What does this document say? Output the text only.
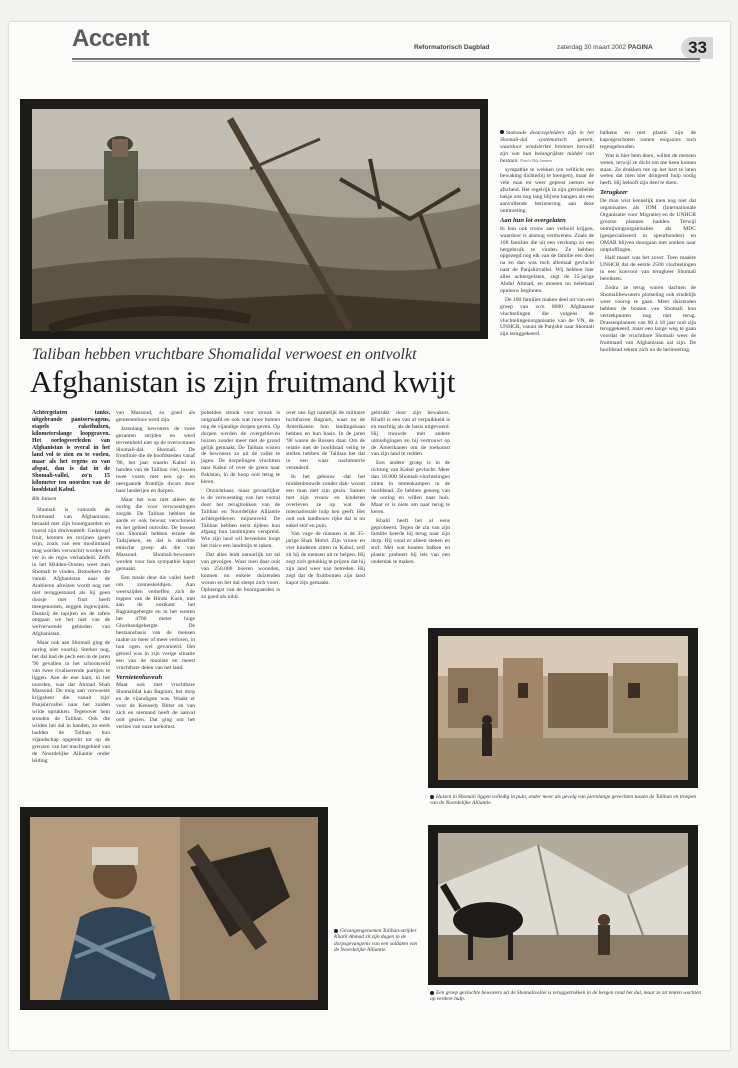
Accent	Reformatorisch Dagblad	zaterdag 30 maart 2002 PAGINA 33
Taliban hebben vruchtbare Shomalidal verwoest en ontvolkt
Afghanistan is zijn fruitmand kwijt

Achtergelaten tanks, uitgebrande pantserwagens, stapels rakethulzen, kilometerslange loopgraven. Het oorlogsverleden van Afghanistan is overal in het land vol te zien en te voelen, maar als het ergens zo van afspat, dan is dat in de Shomali-vallei, zo'n 15 kilometer ten noorden van de hoofdstad Kabul.

Rik Jansen

Shomali is vanouds de fruitmand van Afghanistan, bezaaid met zijn boomgaarden en vooral zijn druiventeelt. Gedroogd fruit, krenten en rozijnen (geen wijn, zoals van een moslimland mag worden verwacht) worden tot ver in de regio verhandeld. Zelfs in het Midden-Oosten weet men Shomali te vinden. Bezoekers die vanuit Afghanistan naar de Arabieren afreizen wordt nog net niet teruggestuurd als hij geen doosje met fruit heeft meegenomen, zeggen ingewijden. Dankzij de tapijten en de rafels ontgaan we het niet van de welverwende gebieden van Afghanistan.

Maar ook aan Shomali ging de oorlog niet voorbij. Sterker nog, het dal had de pech een in de jaren '90 gevallen in het schootsveld van twee rivaliserende partijen te liggen. Aan de ene kant, in het noorden, was dat Ahmad Shah Massoud. De enig aan verwoeste krijgsheer die vanuit 'zijn' Panjshirvallei naar het zuiden wilde oprukken. Tegenover hem stonden de Taliban. Ook die wilden het dal in handen, zo sterk hadden de Taliban hun vijandschap opgerekt tot op de grenzen van het machtsgebied van de Noordelijke Alliantie onder leiding

van Massoud, zo goed als gemeenteloos werd zijn.

Jarenlang bewoners de twee gezanten strijden en werd tevreenheid niet op de overwonnen Shomali-dal. Shomali. De frontlinie die de hoofdsteden vanaf '96, het jaar waarin Kabul in handen van de Taliban viel, tussen twee vuren met een op- en neergaande frontlijn dwars door haar landerijen en dorpen.

Maar het was niet alleen de oorlog die voor verwoestingen zorgde. De Taliban hebben de aarde er ook bewust verschroeid en het gebied ontvolkt. De bossen van Shomali hebben ermee de Tadzjieken, en dat is dezelfde etnische groep als die van Massoud. Shomali-bewoners werden voor hun sympathie kapot gemaakt.

Een totale deur die vallei heeft om zonneskeldijen. Aan weerszijden verheffen zich de toppen van de Hindu Kush, met aan de oostkant het Bagramgebergte en in het westen het 4700 meter hoge Ghorbandgebergte. De bestaansbasis van de mensen raakte zo meer of meer verloren, in hun ogen wel gevarieerd. Het gebied was in zijn vorige situatie een van de mooiste en meest vruchtbare delen van het land.

Vernietenhaveuh

Maar ook met vruchtbare Shomalidal kan Bagram, het dorp en de vijandigste was. Waakt er voor de Kennedy Bitter en van zich en niemand heeft de aanval ooit gezien. Dat ging om het verlies van onze toekomst.

pobelden strook voor strook is ontgraafd en ook wat ruwe bomen nog de vijandige dorpen geven. Op dorpen werden de overgebleven huizen zonder meer met de grond gelijk gemaakt. De Taliban wisten de bewoners zo uit de vallei te jagen. De dorpelingen vluchtten naar Kabul of over de grens naar Pakistan, in de hoop ooit terug te keren.

Onzichtbaar, maar gevaarlijker is de verwoesting van het vooral door het terugtrekken van de Taliban en Noordelijke Alliantie achtergebleven mijnenveld. De Taliban hebben eerst tijdens hun afgang hun landmijnen verspreid. Wie zijn land wil bewerken loopt het risico een landmijn te raken.

Dat alles leidt natuurlijk tot tal van gevolgen. Waar men daar ooit van 250.000 boeren woonden, kunnen nu enkele duizenden wonen en het dal sleept zich voort. Opbrengst van de boomgaarden is zo goed als nihil.

over ons ligt namelijk de militaire luchthaven Bagram, waar nu de Amerikanen hun landingsbaan hebben en hun basis. In de jaren '90 waren de Russen daar. Om de relatie met de hoofdstad veilig te stellen hebben de Taliban het dal in een waar nachtmerrie veranderd.

In het gebouw -dat het middenbouwde zonder dak- woont een man met zijn gezin. Samen met zijn vrouw en kinderen overleven ze op wat de internationale hulp hen geeft. Het ooit ook landbouw rijke dal is nu enkel stof en puin.

Van vage de mannen is de 35-jarige Shah Mohd. Zijn vrouw en vier kinderen zitten in Kabul, zelf zit hij de mensen uit te helpen. Hij zegt zich gelukkig te prijzen dat hij zijn land weer kan betreden. Hij zegt dat de fruitbomen zijn land kapot zijn gemaakt.

gebruikt door zijn bewakers. Khalil is een van al verpuikkeld is en machtig als de basis uitgevoerd. Hij trouwde met andere uitnodigingen en hij vertrouwt op de Amerikanen om de toekomst van zijn land te redden.

Een andere groep is in de richting van Kabul gevlucht. Meer dan 18.000 Shomali-vluchtelingen zitten in tentenkampen in de hoofdstad. Ze hebben genoeg van de oorlog en willen naar huis. Maar er is niets om naar terug te keren.

Khalil heeft het al eens geprobeerd. Tegen de zin van zijn familie keerde hij terug naar zijn dorp. Hij vond er alleen stenen en stof. Met wat houten balken en plastic probeert hij iets van een onderdak te maken.

Stokoude dwarsopleiders zijn in het Shomali-dal systematisch geteelt, waardoor windsterkte bronnen beroofd zijn van hun belangrijkste middel van bestaan. Foto's Rik Jansen

sympathie te wekken (en velllicht een bewaking dichterbij te brengen), maar de vele man en weer geprest nemen we afscheid. Het regelrijk in zijn getroebelde bakje ons nog lang blijven hangen als een aanvullende herinnering aan deze ontmoeting.

Aan hun lot overgelaten

In hun ook trouw aan velhoid krijgen, waardoor is alsmog verdwenen. Zoals de 108 families die uit een verdomp zo een hergebruik te vinden. Ze hebben opgezegd nog elk van de familie een doel na en dan was toch allemaal gevlucht naar de Panjshirvallei. Wij hebben hier alles achtergelaten, zegt de 35-jarige Abdul Ahmad, en moeten nu helemaal opnieuw beginnen.

De 100 families maken deel uit van een groep van zo'n 8000 Afghaanse vluchtelingen die volgens de vluchtelingenorganisatie van de VN, de UNHCR, vanuit de Panjshir naar Shomali zijn teruggekeerd.

balkens en met plastic zijn de kapotgeschoten ramen enigszins toch tegengehouden.

Wat is hier hem doen, willen de mensen weten, terwijl ze dicht om me heen komen staan. Ze drukken me op het hart te laten weten dat men hier dringend hulp nodig heeft. Hij belooft zijn deel te doen.

Terugkeer

De man wist kennelijk toen nog niet dat organisaties als IOM (Internationale Organisatie voor Migratie) en de UNHCR grootse plannen hadden. Terwijl ontmijningsorganisaties als MDC (gespecialiseerd in speurhonden) en OMAR blijven doorgaan met zoeken naar ontploffingen.

Half maart was het zover. Toen maakte UNHCR dat de eerste 2500 vluchtelingen in een konvooi van terugkeer Shomali bereikten.

Zodra ze terug waren dachten de Shomalibewoners plotseling ook eindelijk weer voorop te gaan. Meer duizenden hebben de bossen van Shomali hun vertrekpunten nog niet terug. Drassenplannen van 80 à 18 jaar oud zijn teruggekeerd, maar een lange weg te gaan voordat de vruchtbare Shomali weer de fruitmand van Afghanistan zal zijn. De hoofdstad rekent zich nu de herinnering.

Huizen in Shomali liggen volledig in puin, onder meer als gevolg van jarenlange gevechten tussen de Taliban en troepen van de Noordelijke Alliantie.
Gevangengenomen Taliban-strijder Khalil Ahmad zit zijn dagen in de dorpsgevangenis van een soldaten van de Noordelijke Alliantie.
Een groep gevluchte bewoners uit de Shomalivallei is teruggetrokken in de bergen rond het dal, maar ze zit tenten wachten op verdere hulp.
